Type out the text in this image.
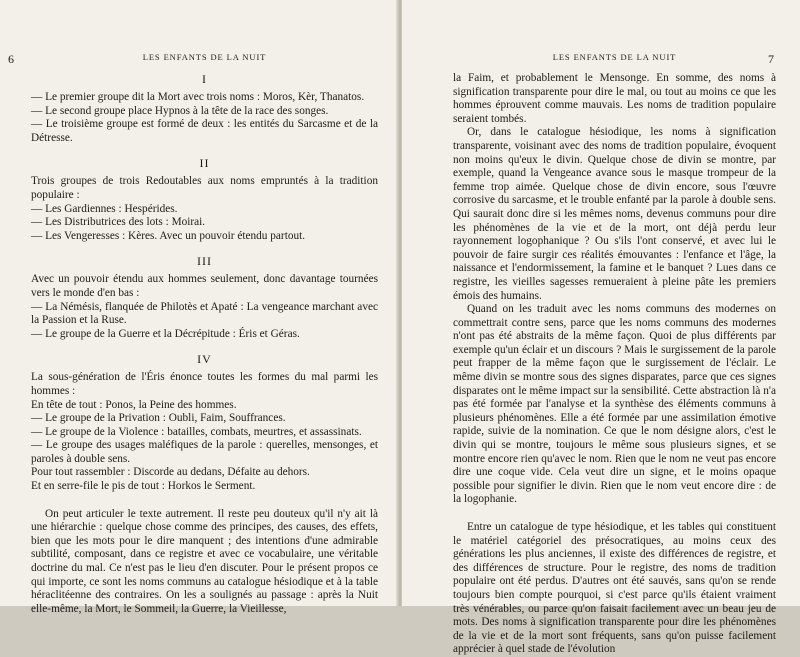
6	LES ENFANTS DE LA NUIT
I

— Le premier groupe dit la Mort avec trois noms : Moros, Kèr, Thanatos.

— Le second groupe place Hypnos à la tête de la race des songes.

— Le troisième groupe est formé de deux : les entités du Sarcasme et de la Détresse.

II

Trois groupes de trois Redoutables aux noms empruntés à la tradition populaire :

— Les Gardiennes : Hespérides.

— Les Distributrices des lots : Moirai.

— Les Vengeresses : Kères. Avec un pouvoir étendu partout.

III

Avec un pouvoir étendu aux hommes seulement, donc davantage tournées vers le monde d'en bas :

— La Némésis, flanquée de Philotès et Apaté : La vengeance marchant avec la Passion et la Ruse.

— Le groupe de la Guerre et la Décrépitude : Éris et Géras.

IV

La sous-génération de l'Éris énonce toutes les formes du mal parmi les hommes :

En tête de tout : Ponos, la Peine des hommes.

— Le groupe de la Privation : Oubli, Faim, Souffrances.

— Le groupe de la Violence : batailles, combats, meurtres, et assassinats.

— Le groupe des usages maléfiques de la parole : querelles, mensonges, et paroles à double sens.

Pour tout rassembler : Discorde au dedans, Défaite au dehors.

Et en serre-file le pis de tout : Horkos le Serment.

On peut articuler le texte autrement. Il reste peu douteux qu'il n'y ait là une hiérarchie : quelque chose comme des principes, des causes, des effets, bien que les mots pour le dire manquent ; des intentions d'une admirable subtilité, composant, dans ce registre et avec ce vocabulaire, une véritable doctrine du mal. Ce n'est pas le lieu d'en discuter. Pour le présent propos ce qui importe, ce sont les noms communs au catalogue hésiodique et à la table héraclitéenne des contraires. On les a soulignés au passage : après la Nuit elle-même, la Mort, le Sommeil, la Guerre, la Vieillesse,

7
LES ENFANTS DE LA NUIT

la Faim, et probablement le Mensonge. En somme, des noms à signification transparente pour dire le mal, ou tout au moins ce que les hommes éprouvent comme mauvais. Les noms de tradition populaire seraient tombés.

Or, dans le catalogue hésiodique, les noms à signification transparente, voisinant avec des noms de tradition populaire, évoquent non moins qu'eux le divin. Quelque chose de divin se montre, par exemple, quand la Vengeance avance sous le masque trompeur de la femme trop aimée. Quelque chose de divin encore, sous l'œuvre corrosive du sarcasme, et le trouble enfanté par la parole à double sens. Qui saurait donc dire si les mêmes noms, devenus communs pour dire les phénomènes de la vie et de la mort, ont déjà perdu leur rayonnement logophanique ? Ou s'ils l'ont conservé, et avec lui le pouvoir de faire surgir ces réalités émouvantes : l'enfance et l'âge, la naissance et l'endormissement, la famine et le banquet ? Lues dans ce registre, les vieilles sagesses remueraient à pleine pâte les premiers émois des humains.

Quand on les traduit avec les noms communs des modernes on commettrait contre sens, parce que les noms communs des modernes n'ont pas été abstraits de la même façon. Quoi de plus différents par exemple qu'un éclair et un discours ? Mais le surgissement de la parole peut frapper de la même façon que le surgissement de l'éclair. Le même divin se montre sous des signes disparates, parce que ces signes disparates ont le même impact sur la sensibilité. Cette abstraction là n'a pas été formée par l'analyse et la synthèse des éléments communs à plusieurs phénomènes. Elle a été formée par une assimilation émotive rapide, suivie de la nomination. Ce que le nom désigne alors, c'est le divin qui se montre, toujours le même sous plusieurs signes, et se montre encore rien qu'avec le nom. Rien que le nom ne veut pas encore dire une coque vide. Cela veut dire un signe, et le moins opaque possible pour signifier le divin. Rien que le nom veut encore dire : de la logophanie.

Entre un catalogue de type hésiodique, et les tables qui constituent le matériel catégoriel des présocratiques, au moins ceux des générations les plus anciennes, il existe des différences de registre, et des différences de structure. Pour le registre, des noms de tradition populaire ont été perdus. D'autres ont été sauvés, sans qu'on se rende toujours bien compte pourquoi, si c'est parce qu'ils étaient vraiment très vénérables, ou parce qu'on faisait facilement avec un beau jeu de mots. Des noms à signification transparente pour dire les phénomènes de la vie et de la mort sont fréquents, sans qu'on puisse facilement apprécier à quel stade de l'évolution
